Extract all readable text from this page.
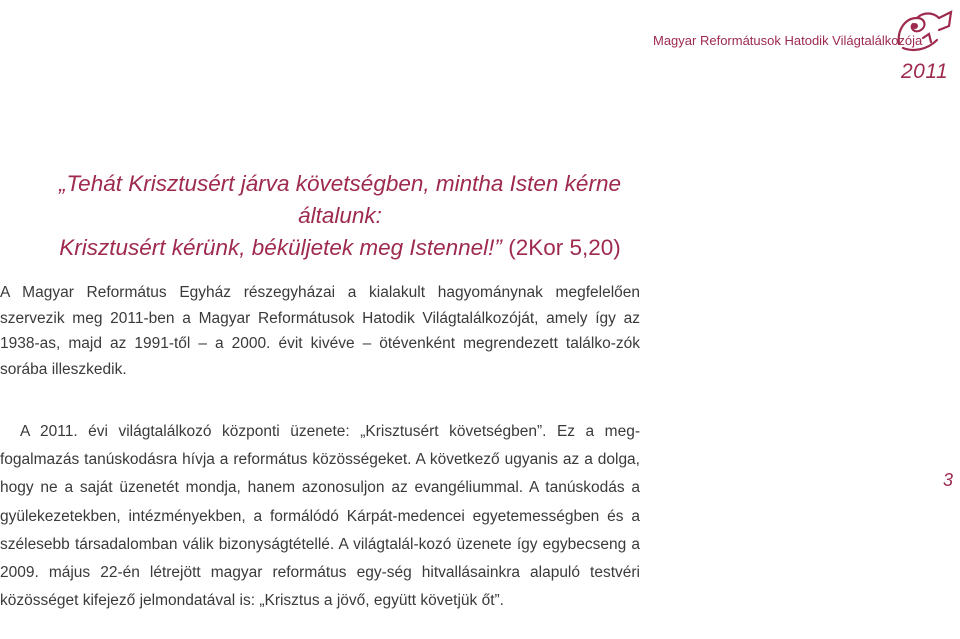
Magyar Reformátusok Hatodik Világtalálkozója
2011
„Tehát Krisztusért járva követségben, mintha Isten kérne általunk:
Krisztusért kérünk, béküljetek meg Istennel!” (2Kor 5,20)
A Magyar Református Egyház részegyházai a kialakult hagyománynak megfelelően szervezik meg 2011-ben a Magyar Reformátusok Hatodik Világtalálkozóját, amely így az 1938-as, majd az 1991-től – a 2000. évit kivéve – ötévenként megrendezett találko-zók sorába illeszkedik.
A 2011. évi világtalálkozó központi üzenete: „Krisztusért követségben”. Ez a meg-fogalmazás tanúskodásra hívja a református közösségeket. A következő ugyanis az a dolga, hogy ne a saját üzenetét mondja, hanem azonosuljon az evangéliummal. A tanúskodás a gyülekezetekben, intézményekben, a formálódó Kárpát-medencei egyetemességben és a szélesebb társadalomban válik bizonyságtétellé. A világtalál-kozó üzenete így egybecseng a 2009. május 22-én létrejött magyar református egy-ség hitvallásainkra alapuló testvéri közösséget kifejező jelmondatával is: „Krisztus a jövő, együtt követjük őt”.
3
